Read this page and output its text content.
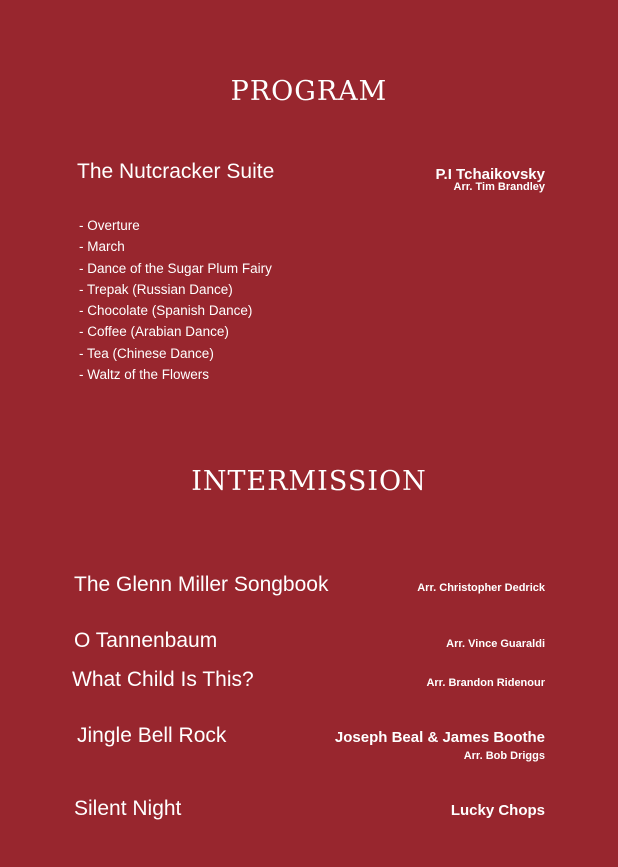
PROGRAM
The Nutcracker Suite	P.I Tchaikovsky
Arr. Tim Brandley
- Overture
- March
- Dance of the Sugar Plum Fairy
- Trepak (Russian Dance)
- Chocolate (Spanish Dance)
- Coffee (Arabian Dance)
- Tea (Chinese Dance)
- Waltz of the Flowers
INTERMISSION
The Glenn Miller Songbook	Arr. Christopher Dedrick
O Tannenbaum	Arr. Vince Guaraldi
What Child Is This?	Arr. Brandon Ridenour
Jingle Bell Rock	Joseph Beal & James Boothe
Arr. Bob Driggs
Silent Night	Lucky Chops
